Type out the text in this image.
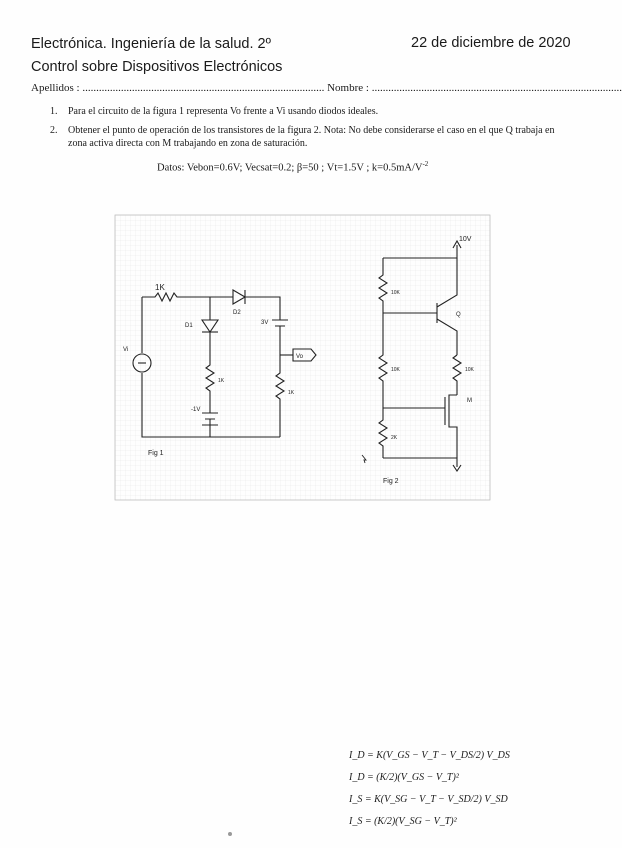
Electrónica. Ingeniería de la salud. 2º	22 de diciembre de 2020
Control sobre Dispositivos Electrónicos
Apellidos : ........................................................................................ Nombre : ...........................................................................................
1. Para el circuito de la figura 1 representa Vo frente a Vi usando diodos ideales.
2. Obtener el punto de operación de los transistores de la figura 2. Nota: No debe considerarse el caso en el que Q trabaja en zona activa directa con M trabajando en zona de saturación.
Datos: Vebon=0.6V; Vecsat=0.2; β=50 ; Vt=1.5V ; $k=0.5mA/V^{-2}$
1K
D1
D2
Vi
3V
Vo
-1V
1K
1K
Fig 1
10V
10K
10K
2K
10K
Q
M
Fig 2
I_D = K(V_GS − V_T − V_DS/2) V_DS
I_D = (K/2)(V_GS − V_T)²
I_S = K(V_SG − V_T − V_SD/2) V_SD
I_S = (K/2)(V_SG − V_T)²
